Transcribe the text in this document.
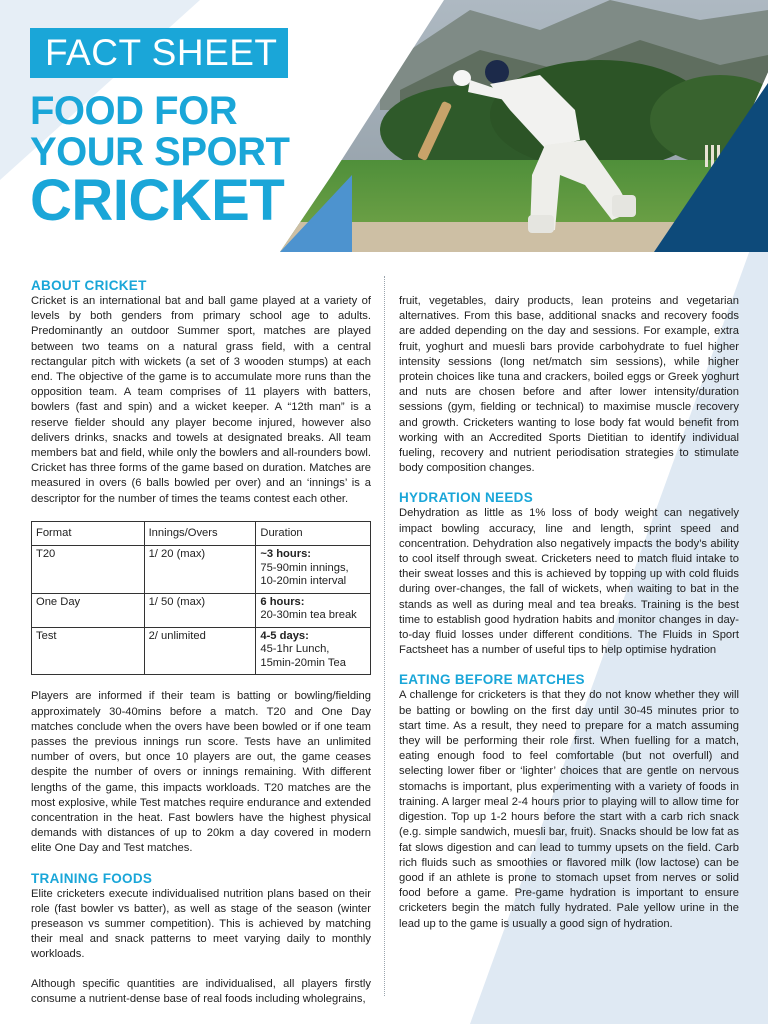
FACT SHEET
FOOD FOR
YOUR SPORT
CRICKET
ABOUT CRICKET

Cricket is an international bat and ball game played at a variety of levels by both genders from primary school age to adults. Predominantly an outdoor Summer sport, matches are played between two teams on a natural grass field, with a central rectangular pitch with wickets (a set of 3 wooden stumps) at each end. The objective of the game is to accumulate more runs than the opposition team. A team comprises of 11 players with batters, bowlers (fast and spin) and a wicket keeper. A “12th man” is a reserve fielder should any player become injured, however also delivers drinks, snacks and towels at designated breaks. All team members bat and field, while only the bowlers and all-rounders bowl. Cricket has three forms of the game based on duration. Matches are measured in overs (6 balls bowled per over) and an ‘innings’ is a descriptor for the number of times the teams contest each other.

Format	Innings/Overs	Duration
T20	1/ 20 (max)	~3 hours:
75-90min innings, 10-20min interval
One Day	1/ 50 (max)	6 hours:
20-30min tea break
Test	2/ unlimited	4-5 days:
45-1hr Lunch, 15min-20min Tea

Players are informed if their team is batting or bowling/fielding approximately 30-40mins before a match. T20 and One Day matches conclude when the overs have been bowled or if one team passes the previous innings run score. Tests have an unlimited number of overs, but once 10 players are out, the game ceases despite the number of overs or innings remaining. With different lengths of the game, this impacts workloads. T20 matches are the most explosive, while Test matches require endurance and extended concentration in the heat. Fast bowlers have the highest physical demands with distances of up to 20km a day covered in modern elite One Day and Test matches.

TRAINING FOODS

Elite cricketers execute individualised nutrition plans based on their role (fast bowler vs batter), as well as stage of the season (winter preseason vs summer competition). This is achieved by matching their meal and snack patterns to meet varying daily to monthly workloads.

Although specific quantities are individualised, all players firstly consume a nutrient-dense base of real foods including wholegrains,

fruit, vegetables, dairy products, lean proteins and vegetarian alternatives. From this base, additional snacks and recovery foods are added depending on the day and sessions. For example, extra fruit, yoghurt and muesli bars provide carbohydrate to fuel higher intensity sessions (long net/match sim sessions), while higher protein choices like tuna and crackers, boiled eggs or Greek yoghurt and nuts are chosen before and after lower intensity/duration sessions (gym, fielding or technical) to maximise muscle recovery and growth. Cricketers wanting to lose body fat would benefit from working with an Accredited Sports Dietitian to identify individual fueling, recovery and nutrient periodisation strategies to stimulate body composition changes.

HYDRATION NEEDS

Dehydration as little as 1% loss of body weight can negatively impact bowling accuracy, line and length, sprint speed and concentration. Dehydration also negatively impacts the body’s ability to cool itself through sweat. Cricketers need to match fluid intake to their sweat losses and this is achieved by topping up with cold fluids during over-changes, the fall of wickets, when waiting to bat in the stands as well as during meal and tea breaks. Training is the best time to establish good hydration habits and monitor changes in day-to-day fluid losses under different conditions. The Fluids in Sport Factsheet has a number of useful tips to help optimise hydration

EATING BEFORE MATCHES

A challenge for cricketers is that they do not know whether they will be batting or bowling on the first day until 30-45 minutes prior to start time. As a result, they need to prepare for a match assuming they will be performing their role first. When fuelling for a match, eating enough food to feel comfortable (but not overfull) and selecting lower fiber or ‘lighter’ choices that are gentle on nervous stomachs is important, plus experimenting with a variety of foods in training. A larger meal 2-4 hours prior to playing will to allow time for digestion. Top up 1-2 hours before the start with a carb rich snack (e.g. simple sandwich, muesli bar, fruit). Snacks should be low fat as fat slows digestion and can lead to tummy upsets on the field. Carb rich fluids such as smoothies or flavored milk (low lactose) can be good if an athlete is prone to stomach upset from nerves or solid food before a game. Pre-game hydration is important to ensure cricketers begin the match fully hydrated. Pale yellow urine in the lead up to the game is usually a good sign of hydration.
